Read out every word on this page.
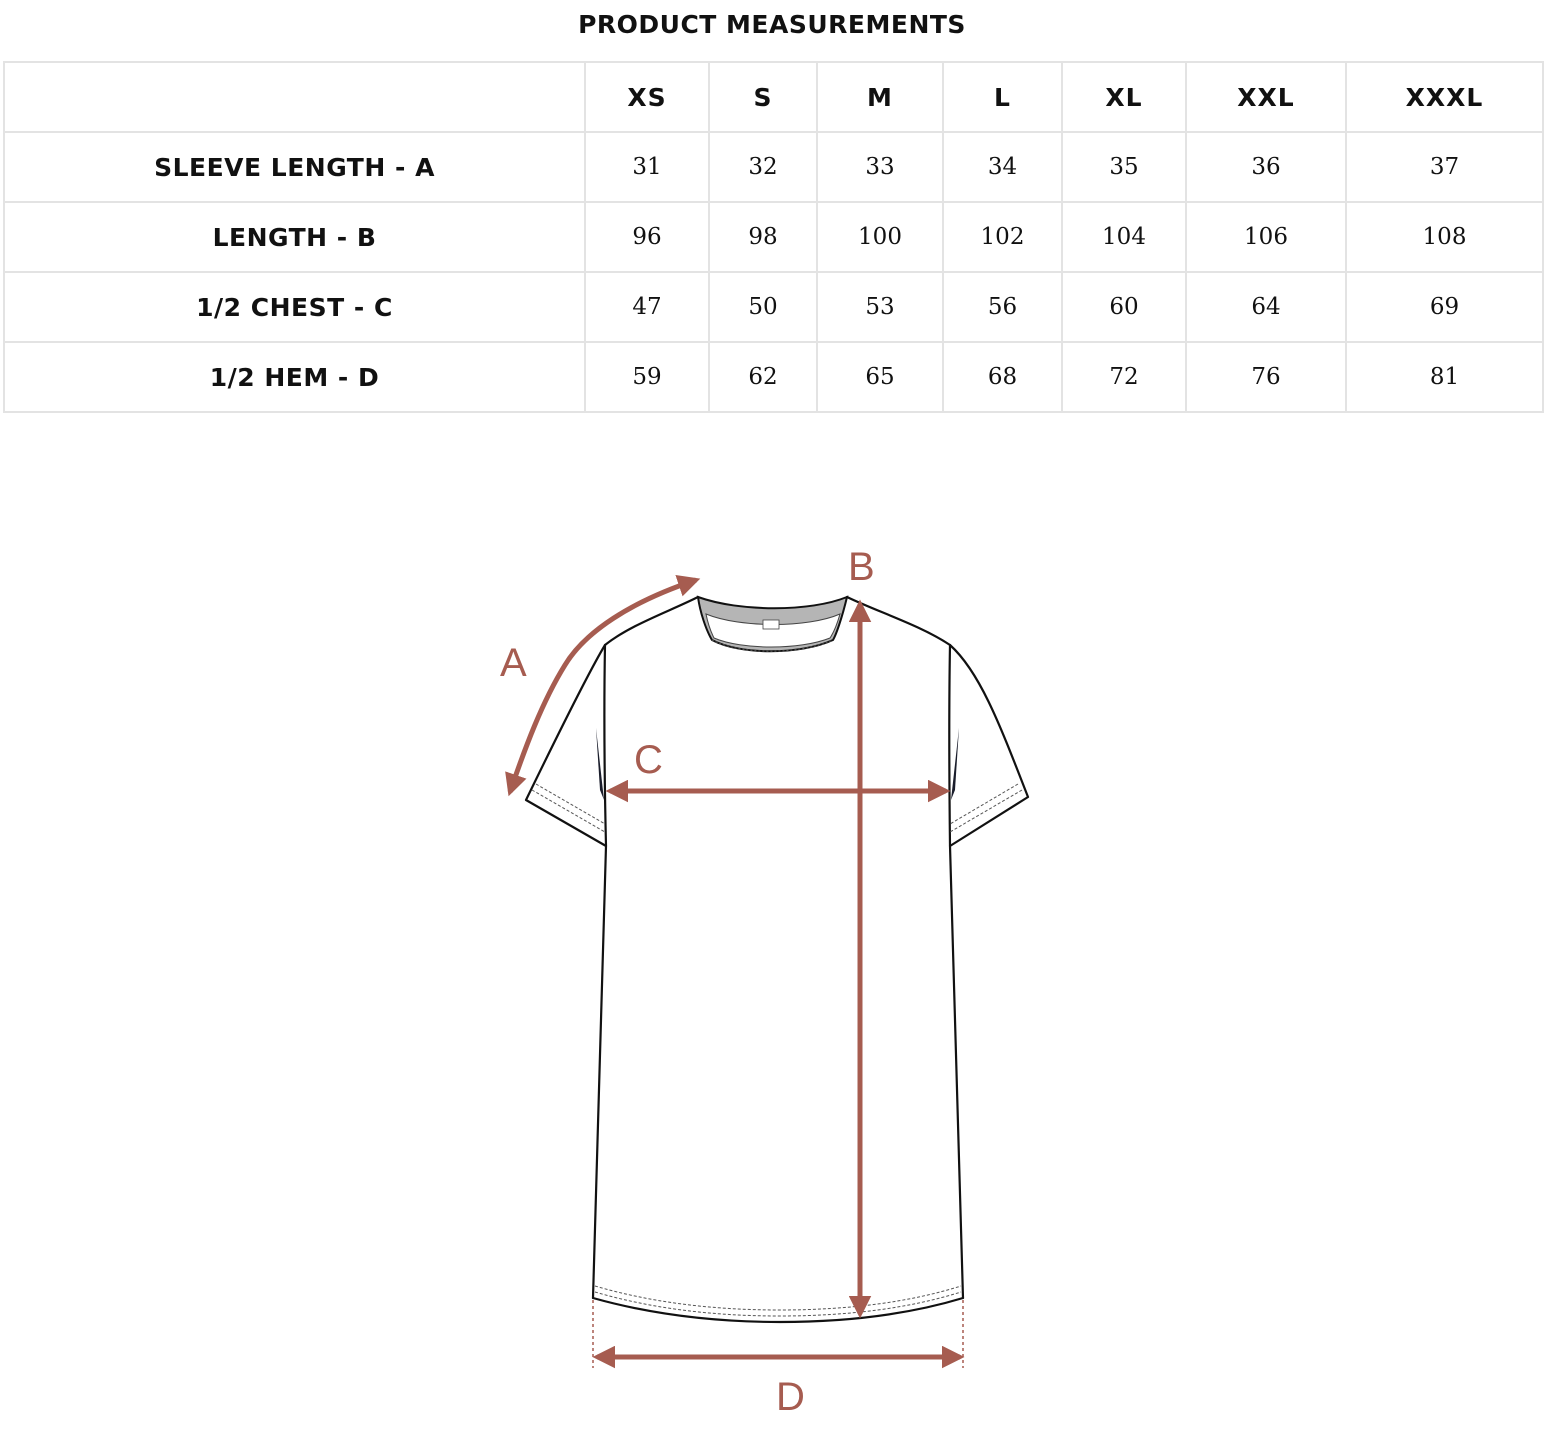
PRODUCT MEASUREMENTS
	XS	S	M	L	XL	XXL	XXXL
SLEEVE LENGTH - A	31	32	33	34	35	36	37
LENGTH - B	96	98	100	102	104	106	108
1/2 CHEST - C	47	50	53	56	60	64	69
1/2 HEM - D	59	62	65	68	72	76	81
A
B
C
D
